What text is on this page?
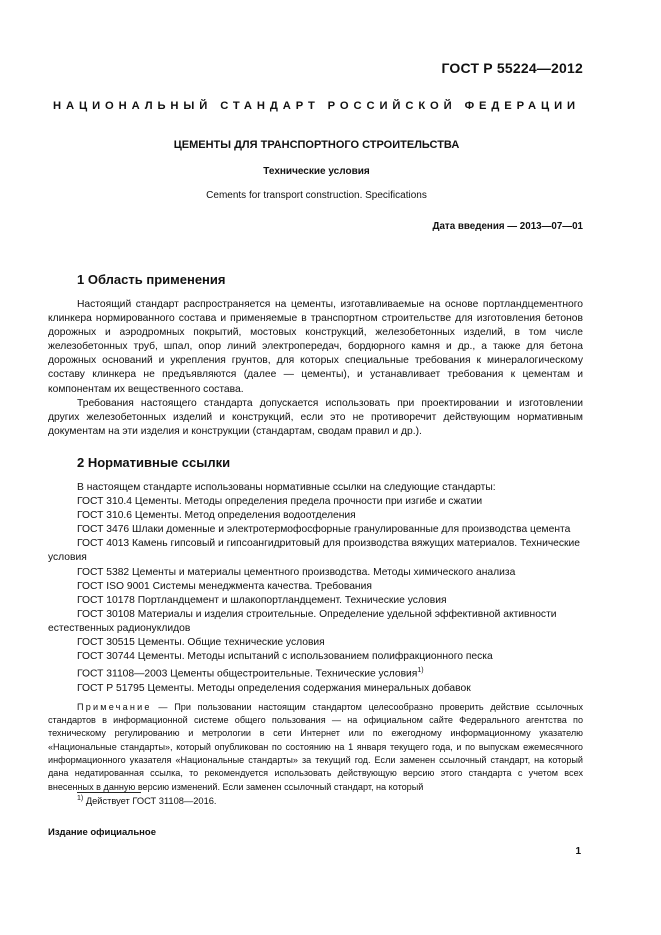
ГОСТ Р 55224—2012
НАЦИОНАЛЬНЫЙ СТАНДАРТ РОССИЙСКОЙ ФЕДЕРАЦИИ
ЦЕМЕНТЫ ДЛЯ ТРАНСПОРТНОГО СТРОИТЕЛЬСТВА
Технические условия
Cements for transport construction. Specifications
Дата введения — 2013—07—01
1 Область применения

Настоящий стандарт распространяется на цементы, изготавливаемые на основе портландцементного клинкера нормированного состава и применяемые в транспортном строительстве для изготовления бетонов дорожных и аэродромных покрытий, мостовых конструкций, железобетонных изделий, в том числе железобетонных труб, шпал, опор линий электропередач, бордюрного камня и др., а также для бетона дорожных оснований и укрепления грунтов, для которых специальные требования к минералогическому составу клинкера не предъявляются (далее — цементы), и устанавливает требования к цементам и компонентам их вещественного состава.

Требования настоящего стандарта допускается использовать при проектировании и изготовлении других железобетонных изделий и конструкций, если это не противоречит действующим нормативным документам на эти изделия и конструкции (стандартам, сводам правил и др.).

2 Нормативные ссылки

В настоящем стандарте использованы нормативные ссылки на следующие стандарты:

ГОСТ 310.4 Цементы. Методы определения предела прочности при изгибе и сжатии

ГОСТ 310.6 Цементы. Метод определения водоотделения

ГОСТ 3476 Шлаки доменные и электротермофосфорные гранулированные для производства цемента

ГОСТ 4013 Камень гипсовый и гипсоангидритовый для производства вяжущих материалов. Технические условия

ГОСТ 5382 Цементы и материалы цементного производства. Методы химического анализа

ГОСТ ISO 9001 Системы менеджмента качества. Требования

ГОСТ 10178 Портландцемент и шлакопортландцемент. Технические условия

ГОСТ 30108 Материалы и изделия строительные. Определение удельной эффективной активности естественных радионуклидов

ГОСТ 30515 Цементы. Общие технические условия

ГОСТ 30744 Цементы. Методы испытаний с использованием полифракционного песка

ГОСТ 31108—2003 Цементы общестроительные. Технические условия$^{1)}$

ГОСТ Р 51795 Цементы. Методы определения содержания минеральных добавок

Примечание — При пользовании настоящим стандартом целесообразно проверить действие ссылочных стандартов в информационной системе общего пользования — на официальном сайте Федерального агентства по техническому регулированию и метрологии в сети Интернет или по ежегодному информационному указателю «Национальные стандарты», который опубликован по состоянию на 1 января текущего года, и по выпускам ежемесячного информационного указателя «Национальные стандарты» за текущий год. Если заменен ссылочный стандарт, на который дана недатированная ссылка, то рекомендуется использовать действующую версию этого стандарта с учетом всех внесенных в данную версию изменений. Если заменен ссылочный стандарт, на который

$^{1)}$ Действует ГОСТ 31108—2016.
Издание официальное
1
